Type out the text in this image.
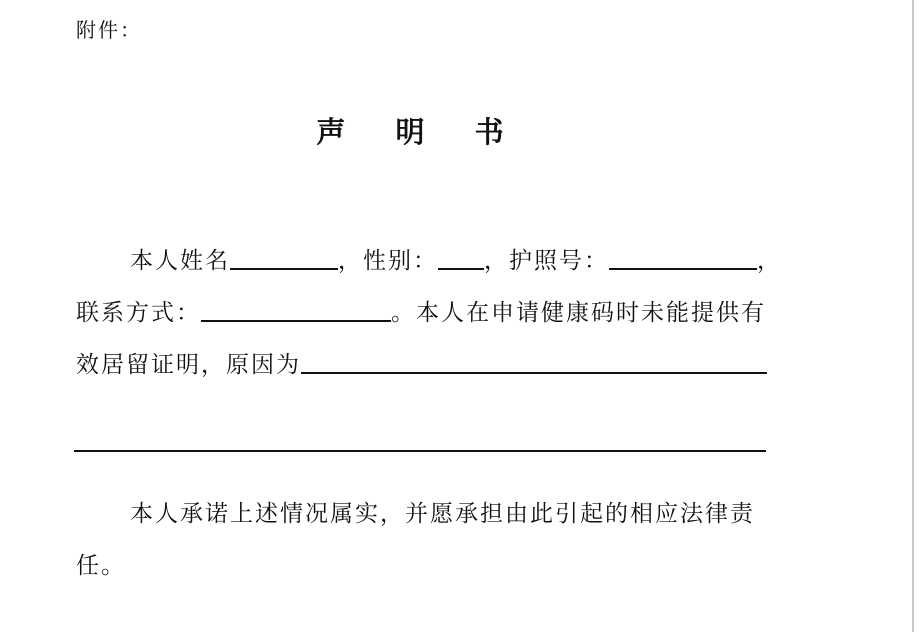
附件：
声 明 书
本人姓名	，性别： ，护照号：	，
联系方式：	。本人在申请健康码时未能提供有
效居留证明，原因为
本人承诺上述情况属实，并愿承担由此引起的相应法律责
任。
